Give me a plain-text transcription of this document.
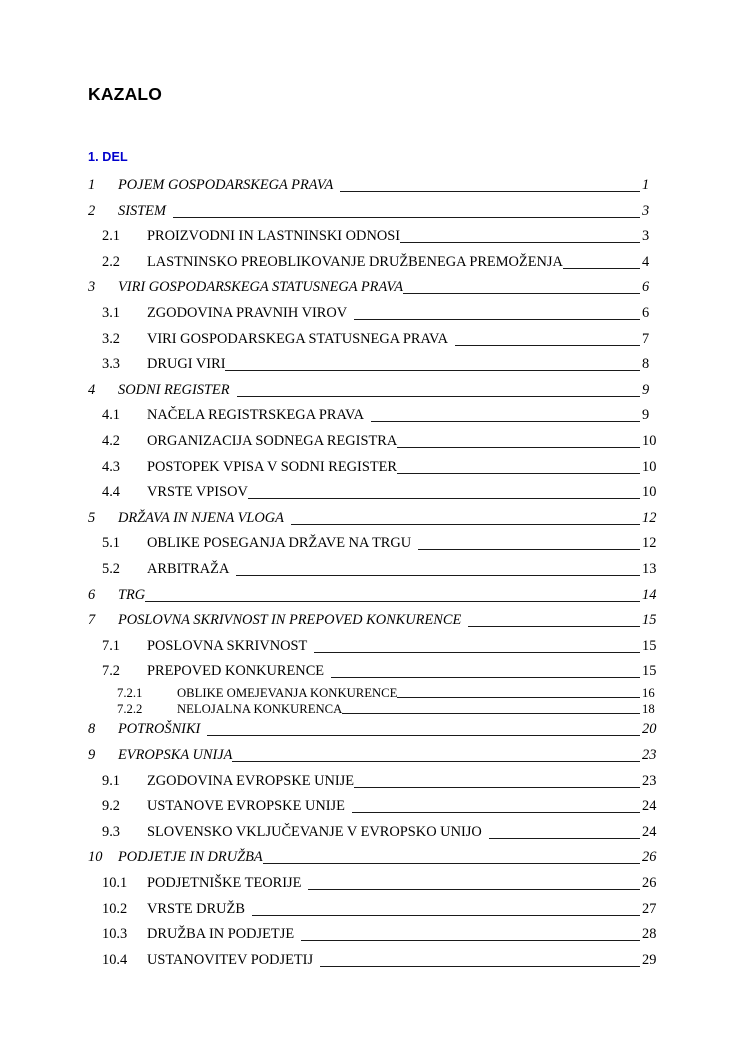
KAZALO
1. DEL
1 POJEM GOSPODARSKEGA PRAVA	1
2 SISTEM	3
2.1 PROIZVODNI IN LASTNINSKI ODNOSI	3
2.2 LASTNINSKO PREOBLIKOVANJE DRUŽBENEGA PREMOŽENJA	4
3 VIRI GOSPODARSKEGA STATUSNEGA PRAVA	6
3.1 ZGODOVINA PRAVNIH VIROV	6
3.2 VIRI GOSPODARSKEGA STATUSNEGA PRAVA	7
3.3 DRUGI VIRI	8
4 SODNI REGISTER	9
4.1 NAČELA REGISTRSKEGA PRAVA	9
4.2 ORGANIZACIJA SODNEGA REGISTRA	10
4.3 POSTOPEK VPISA V SODNI REGISTER	10
4.4 VRSTE VPISOV	10
5 DRŽAVA IN NJENA VLOGA	12
5.1 OBLIKE POSEGANJA DRŽAVE NA TRGU	12
5.2 ARBITRAŽA	13
6 TRG	14
7 POSLOVNA SKRIVNOST IN PREPOVED KONKURENCE	15
7.1 POSLOVNA SKRIVNOST	15
7.2 PREPOVED KONKURENCE	15
7.2.1	OBLIKE OMEJEVANJA KONKURENCE	16
7.2.2	NELOJALNA KONKURENCA	18
8 POTROŠNIKI	20
9 EVROPSKA UNIJA	23
9.1 ZGODOVINA EVROPSKE UNIJE	23
9.2 USTANOVE EVROPSKE UNIJE	24
9.3 SLOVENSKO VKLJUČEVANJE V EVROPSKO UNIJO	24
10 PODJETJE IN DRUŽBA	26
10.1 PODJETNIŠKE TEORIJE	26
10.2 VRSTE DRUŽB	27
10.3 DRUŽBA IN PODJETJE	28
10.4 USTANOVITEV PODJETIJ	29
